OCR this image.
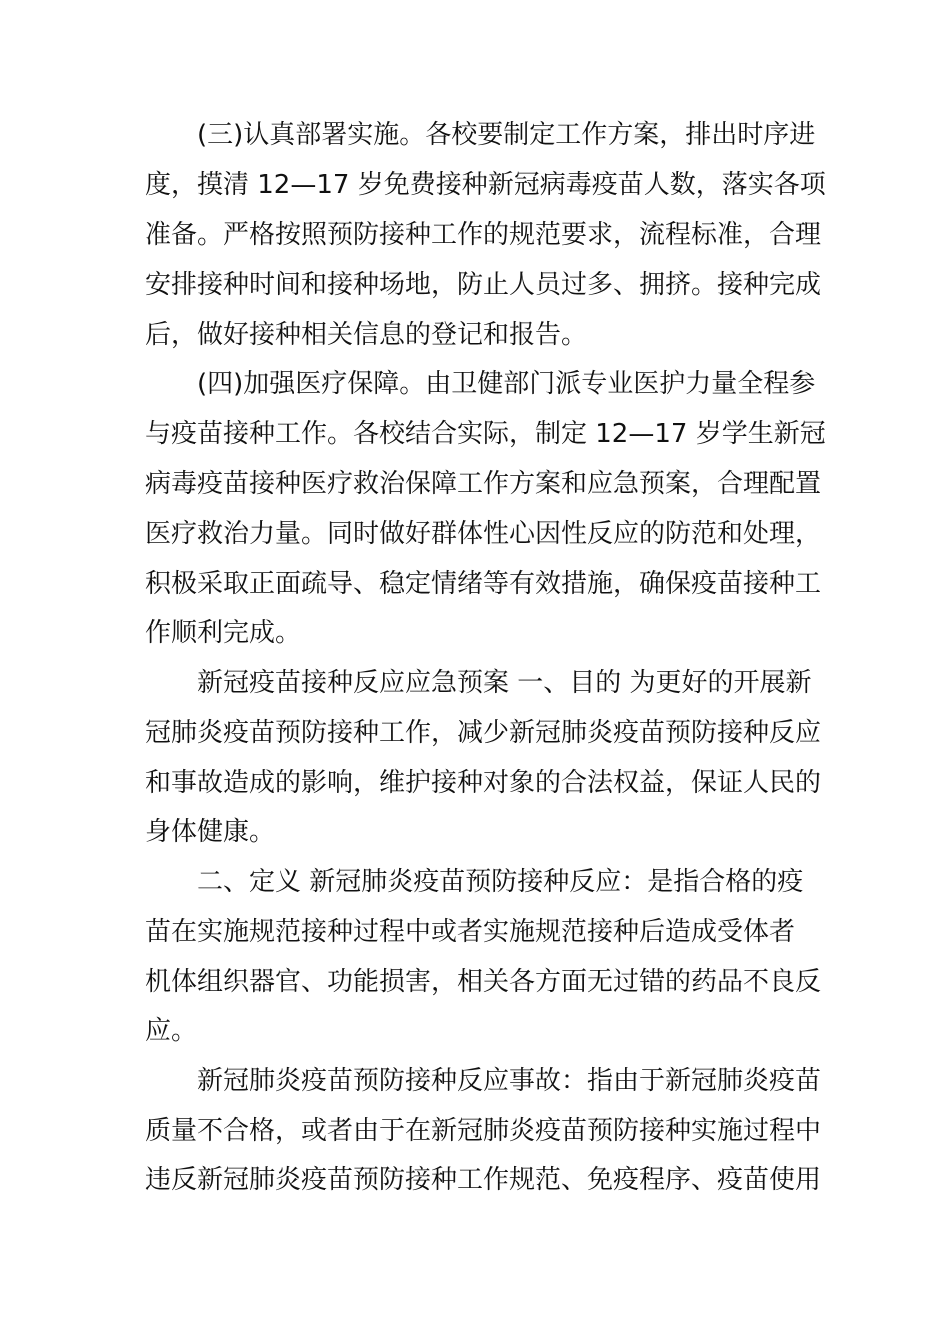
(三)认真部署实施。各校要制定工作方案，排出时序进
度，摸清 12—17 岁免费接种新冠病毒疫苗人数，落实各项
准备。严格按照预防接种工作的规范要求，流程标准，合理
安排接种时间和接种场地，防止人员过多、拥挤。接种完成
后，做好接种相关信息的登记和报告。
(四)加强医疗保障。由卫健部门派专业医护力量全程参
与疫苗接种工作。各校结合实际，制定 12—17 岁学生新冠
病毒疫苗接种医疗救治保障工作方案和应急预案，合理配置
医疗救治力量。同时做好群体性心因性反应的防范和处理，
积极采取正面疏导、稳定情绪等有效措施，确保疫苗接种工
作顺利完成。
新冠疫苗接种反应应急预案 一、目的 为更好的开展新
冠肺炎疫苗预防接种工作，减少新冠肺炎疫苗预防接种反应
和事故造成的影响，维护接种对象的合法权益，保证人民的
身体健康。
二、定义 新冠肺炎疫苗预防接种反应：是指合格的疫
苗在实施规范接种过程中或者实施规范接种后造成受体者
机体组织器官、功能损害，相关各方面无过错的药品不良反
应。
新冠肺炎疫苗预防接种反应事故：指由于新冠肺炎疫苗
质量不合格，或者由于在新冠肺炎疫苗预防接种实施过程中
违反新冠肺炎疫苗预防接种工作规范、免疫程序、疫苗使用
